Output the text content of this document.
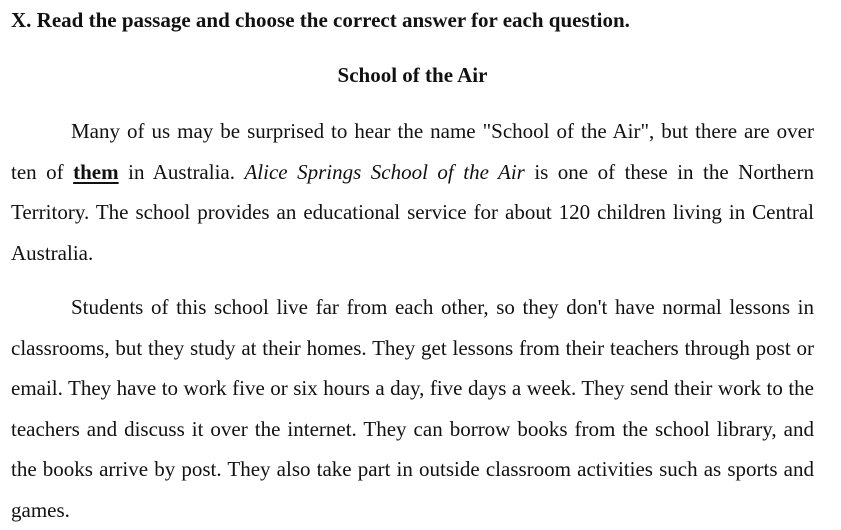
X. Read the passage and choose the correct answer for each question.
School of the Air

Many of us may be surprised to hear the name "School of the Air", but there are over ten of them in Australia. Alice Springs School of the Air is one of these in the Northern Territory. The school provides an educational service for about 120 children living in Central Australia.

Students of this school live far from each other, so they don't have normal lessons in classrooms, but they study at their homes. They get lessons from their teachers through post or email. They have to work five or six hours a day, five days a week. They send their work to the teachers and discuss it over the internet. They can borrow books from the school library, and the books arrive by post. They also take part in outside classroom activities such as sports and games.
